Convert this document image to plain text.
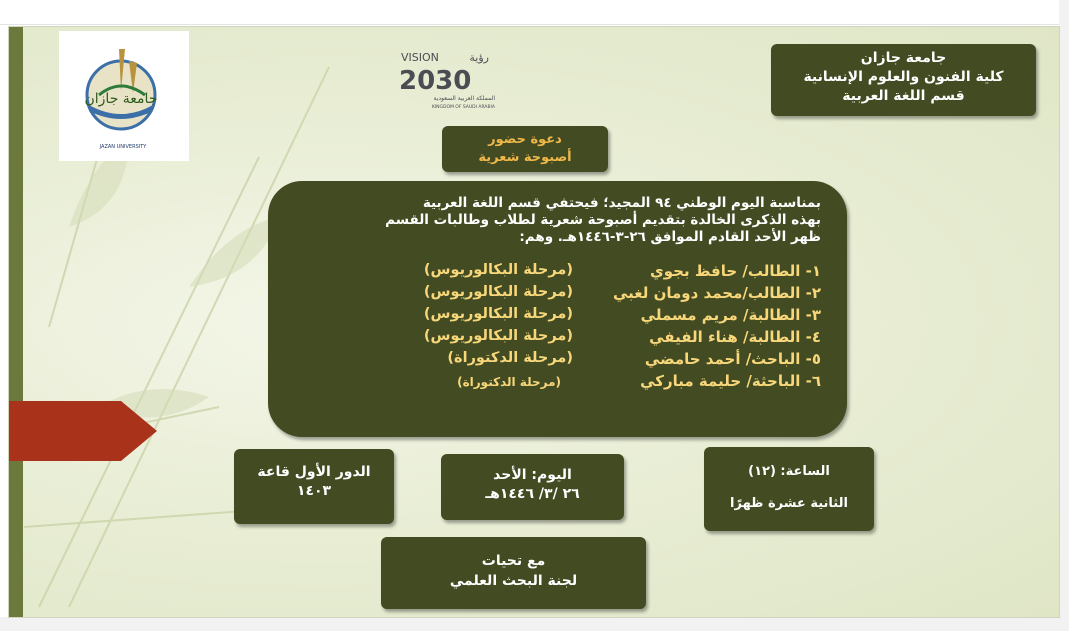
جامعة جازان
JAZAN UNIVERSITY
VISION	رؤية
2030
المملكة العربية السعودية
KINGDOM OF SAUDI ARABIA
جامعة جازان
كلية الفنون والعلوم الإنسانية
قسم اللغة العربية
دعوة حضور
أصبوحة شعرية
بمناسبة اليوم الوطني ٩٤ المجيد؛ فيحتفي قسم اللغة العربية
بهذه الذكرى الخالدة بتقديم أصبوحة شعرية لطلاب وطالبات القسم
ظهر الأحد القادم الموافق ٢٦-٣-١٤٤٦هـ. وهم:
١- الطالب/ حافظ بجوي
(مرحلة البكالوريوس)
٢- الطالب/محمد دومان لغبي
(مرحلة البكالوريوس)
٣- الطالبة/ مريم مسملي
(مرحلة البكالوريوس)
٤- الطالبة/ هناء الفيفي
(مرحلة البكالوريوس)
٥- الباحث/ أحمد حامضي
(مرحلة الدكتوراة)
٦- الباحثة/ حليمة مباركي
(مرحلة الدكتوراة)
الدور الأول قاعة
١٤٠٣
اليوم: الأحد
٢٦ /٣/ ١٤٤٦هـ
الساعة: (١٢)
الثانية عشرة ظهرًا
مع تحيات
لجنة البحث العلمي
